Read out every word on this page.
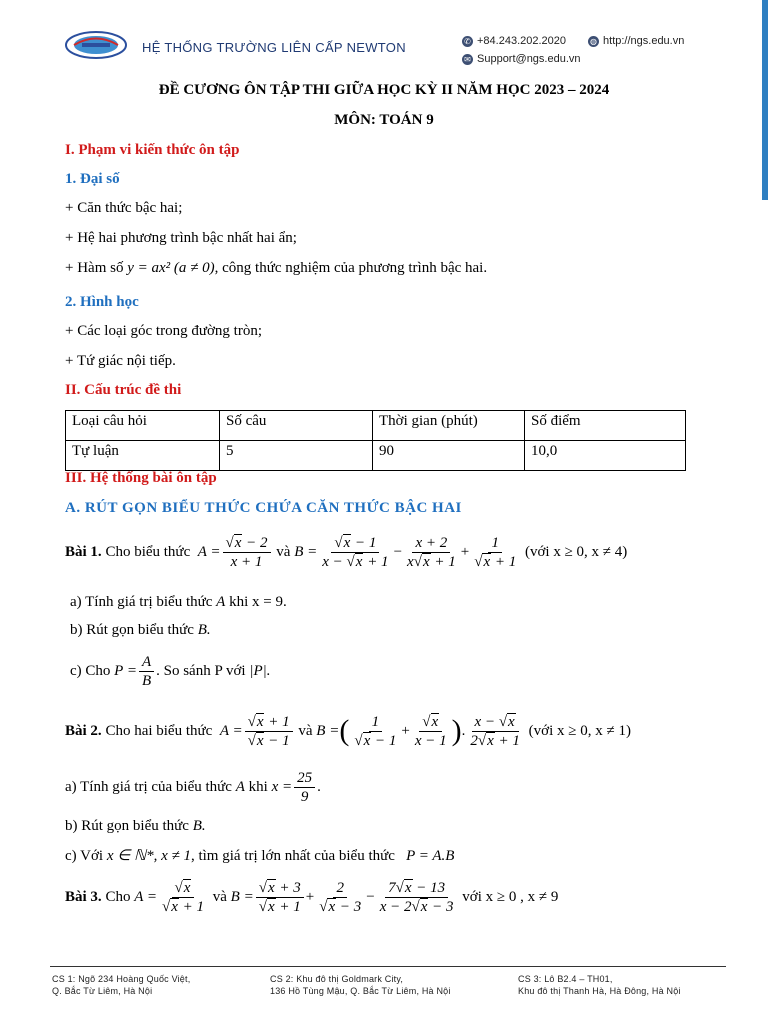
HỆ THỐNG TRƯỜNG LIÊN CẤP NEWTON	✆ +84.243.202.2020	◍ http://ngs.edu.vn
✉ Support@ngs.edu.vn
ĐỀ CƯƠNG ÔN TẬP THI GIỮA HỌC KỲ II NĂM HỌC 2023 – 2024
MÔN: TOÁN 9
I. Phạm vi kiến thức ôn tập
1. Đại số
+ Căn thức bậc hai;
+ Hệ hai phương trình bậc nhất hai ẩn;
+ Hàm số y = ax² (a ≠ 0), công thức nghiệm của phương trình bậc hai.
2. Hình học
+ Các loại góc trong đường tròn;
+ Tứ giác nội tiếp.
II. Cấu trúc đề thi
Loại câu hỏi	Số câu	Thời gian (phút)	Số điểm
Tự luận	5	90	10,0
III. Hệ thống bài ôn tập
A. RÚT GỌN BIỂU THỨC CHỨA CĂN THỨC BẬC HAI
Bài 1.
Cho biểu thức
$A = \frac{√ x - 2}{x + 1}$
và
$B = \frac{√ x - 1}{x - √ x + 1} - \frac{x + 2}{x √ x + 1} + \frac{1}{√ x + 1}$
(với x ≥ 0, x ≠ 4)
a) Tính giá trị biểu thức A khi x = 9.
b) Rút gọn biểu thức B.
c) Cho
$P = \frac{A}{B}$ . So sánh P với
|P|.
Bài 2.
Cho hai biểu thức
$A = \frac{√ x + 1}{√ x - 1}$
và
B = ( $\frac{1}{√ x - 1} + \frac{√ x}{x - 1}$ ) . $\frac{x - √ x}{2 √ x + 1}$
(với x ≥ 0, x ≠ 1)
a) Tính giá trị của biểu thức
A
khi
$x = \frac{25}{9}$ .
b) Rút gọn biểu thức B.
c) Với x ∈ ℕ*, x ≠ 1, tìm giá trị lớn nhất của biểu thức P = A.B
Bài 3.
Cho
$A = \frac{√ x}{√ x + 1}$
và
$B = \frac{√ x + 3}{√ x + 1} + \frac{2}{√ x - 3} - \frac{7 √ x - 13}{x - 2 √ x - 3}$
với x ≥ 0 , x ≠ 9
CS 1: Ngõ 234 Hoàng Quốc Việt,
Q. Bắc Từ Liêm, Hà Nội
CS 2: Khu đô thị Goldmark City,
136 Hồ Tùng Mậu, Q. Bắc Từ Liêm, Hà Nội
CS 3: Lô B2.4 – TH01,
Khu đô thị Thanh Hà, Hà Đông, Hà Nội
